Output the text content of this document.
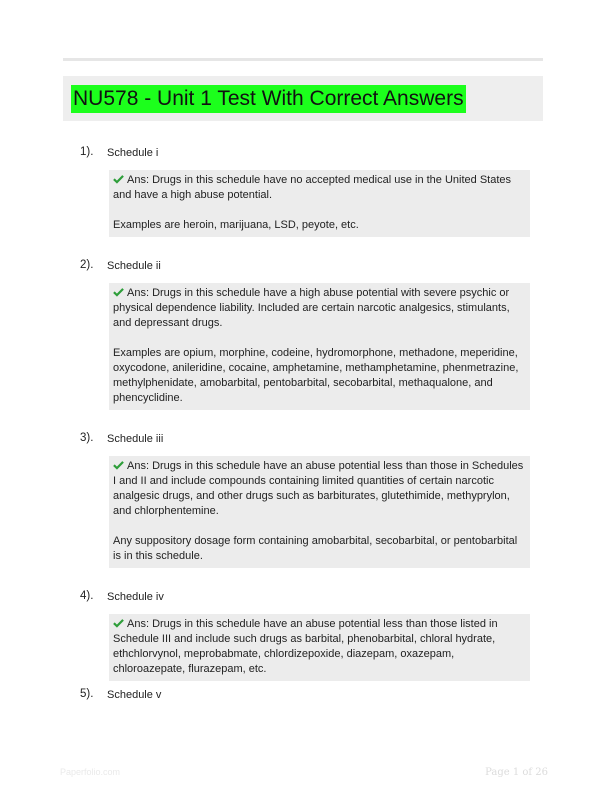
NU578 - Unit 1 Test With Correct Answers
1). Schedule i

Ans: Drugs in this schedule have no accepted medical use in the United States and have a high abuse potential.

Examples are heroin, marijuana, LSD, peyote, etc.

2). Schedule ii

Ans: Drugs in this schedule have a high abuse potential with severe psychic or physical dependence liability. Included are certain narcotic analgesics, stimulants, and depressant drugs.

Examples are opium, morphine, codeine, hydromorphone, methadone, meperidine, oxycodone, anileridine, cocaine, amphetamine, methamphetamine, phenmetrazine, methylphenidate, amobarbital, pentobarbital, secobarbital, methaqualone, and phencyclidine.

3). Schedule iii

Ans: Drugs in this schedule have an abuse potential less than those in Schedules I and II and include compounds containing limited quantities of certain narcotic analgesic drugs, and other drugs such as barbiturates, glutethimide, methyprylon, and chlorphentemine.

Any suppository dosage form containing amobarbital, secobarbital, or pentobarbital is in this schedule.

4). Schedule iv

Ans: Drugs in this schedule have an abuse potential less than those listed in Schedule III and include such drugs as barbital, phenobarbital, chloral hydrate, ethchlorvynol, meprobabmate, chlordizepoxide, diazepam, oxazepam, chloroazepate, flurazepam, etc.

5). Schedule v
Paperfolio.com	Page 1 of 26
